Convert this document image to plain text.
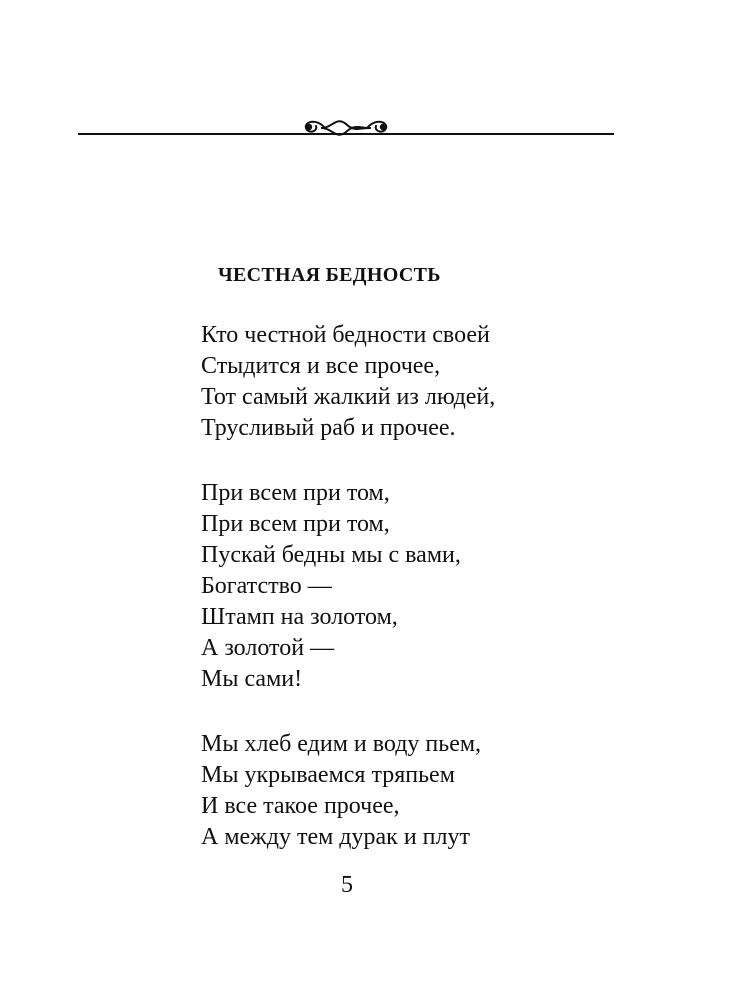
ЧЕСТНАЯ БЕДНОСТЬ
Кто честной бедности своей
Стыдится и все прочее,
Тот самый жалкий из людей,
Трусливый раб и прочее.
При всем при том,
При всем при том,
Пускай бедны мы с вами,
Богатство —
Штамп на золотом,
А золотой —
Мы сами!
Мы хлеб едим и воду пьем,
Мы укрываемся тряпьем
И все такое прочее,
А между тем дурак и плут
5
